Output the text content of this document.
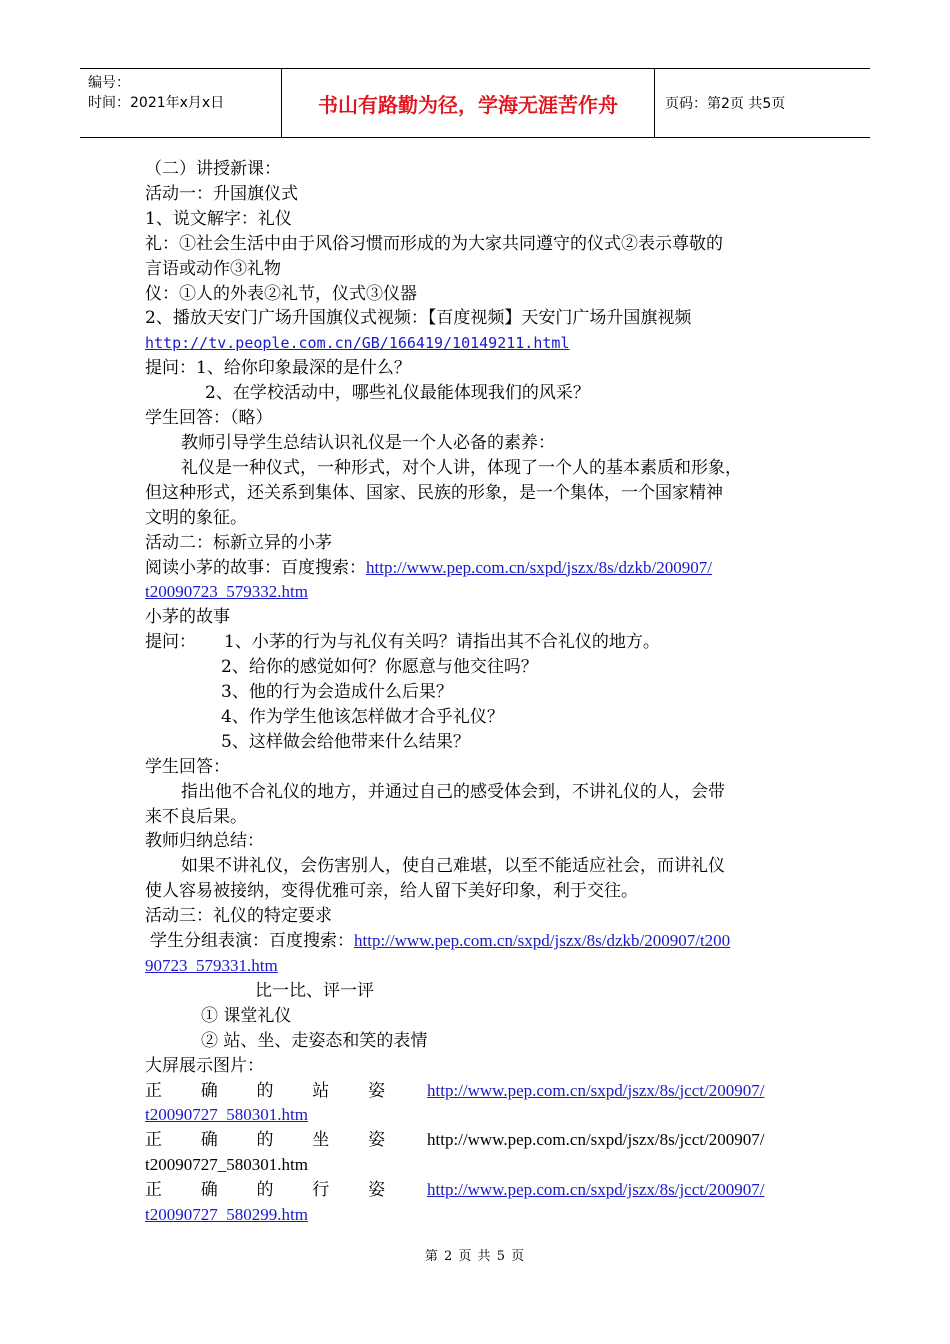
编号：
时间：2021年x月x日	书山有路勤为径，学海无涯苦作舟	页码：第2页 共5页
（二）讲授新课：
活动一：升国旗仪式
1、说文解字：礼仪
礼：①社会生活中由于风俗习惯而形成的为大家共同遵守的仪式②表示尊敬的
言语或动作③礼物
仪：①人的外表②礼节，仪式③仪器
2、播放天安门广场升国旗仪式视频：【百度视频】天安门广场升国旗视频
http://tv.people.com.cn/GB/166419/10149211.html
提问：1、给你印象最深的是什么？
2、在学校活动中，哪些礼仪最能体现我们的风采？
学生回答：（略）
教师引导学生总结认识礼仪是一个人必备的素养：
礼仪是一种仪式，一种形式，对个人讲，体现了一个人的基本素质和形象，
但这种形式，还关系到集体、国家、民族的形象，是一个集体，一个国家精神
文明的象征。
活动二：标新立异的小茅
阅读小茅的故事：百度搜索：http://www.pep.com.cn/sxpd/jszx/8s/dzkb/200907/
t20090723_579332.htm
小茅的故事
提问： 1、小茅的行为与礼仪有关吗？请指出其不合礼仪的地方。
2、给你的感觉如何？你愿意与他交往吗？
3、他的行为会造成什么后果？
4、作为学生他该怎样做才合乎礼仪？
5、这样做会给他带来什么结果？
学生回答：
指出他不合礼仪的地方，并通过自己的感受体会到，不讲礼仪的人，会带
来不良后果。
教师归纳总结：
如果不讲礼仪，会伤害别人，使自己难堪，以至不能适应社会，而讲礼仪
使人容易被接纳，变得优雅可亲，给人留下美好印象，利于交往。
活动三：礼仪的特定要求
学生分组表演：百度搜索：http://www.pep.com.cn/sxpd/jszx/8s/dzkb/200907/t200
90723_579331.htm
比一比、评一评
① 课堂礼仪
② 站、坐、走姿态和笑的表情
大屏展示图片：
正 确 的 站 姿 http://www.pep.com.cn/sxpd/jszx/8s/jcct/200907/
t20090727_580301.htm
正 确 的 坐 姿 http://www.pep.com.cn/sxpd/jszx/8s/jcct/200907/
t20090727_580301.htm
正 确 的 行 姿 http://www.pep.com.cn/sxpd/jszx/8s/jcct/200907/
t20090727_580299.htm
第 2 页 共 5 页
